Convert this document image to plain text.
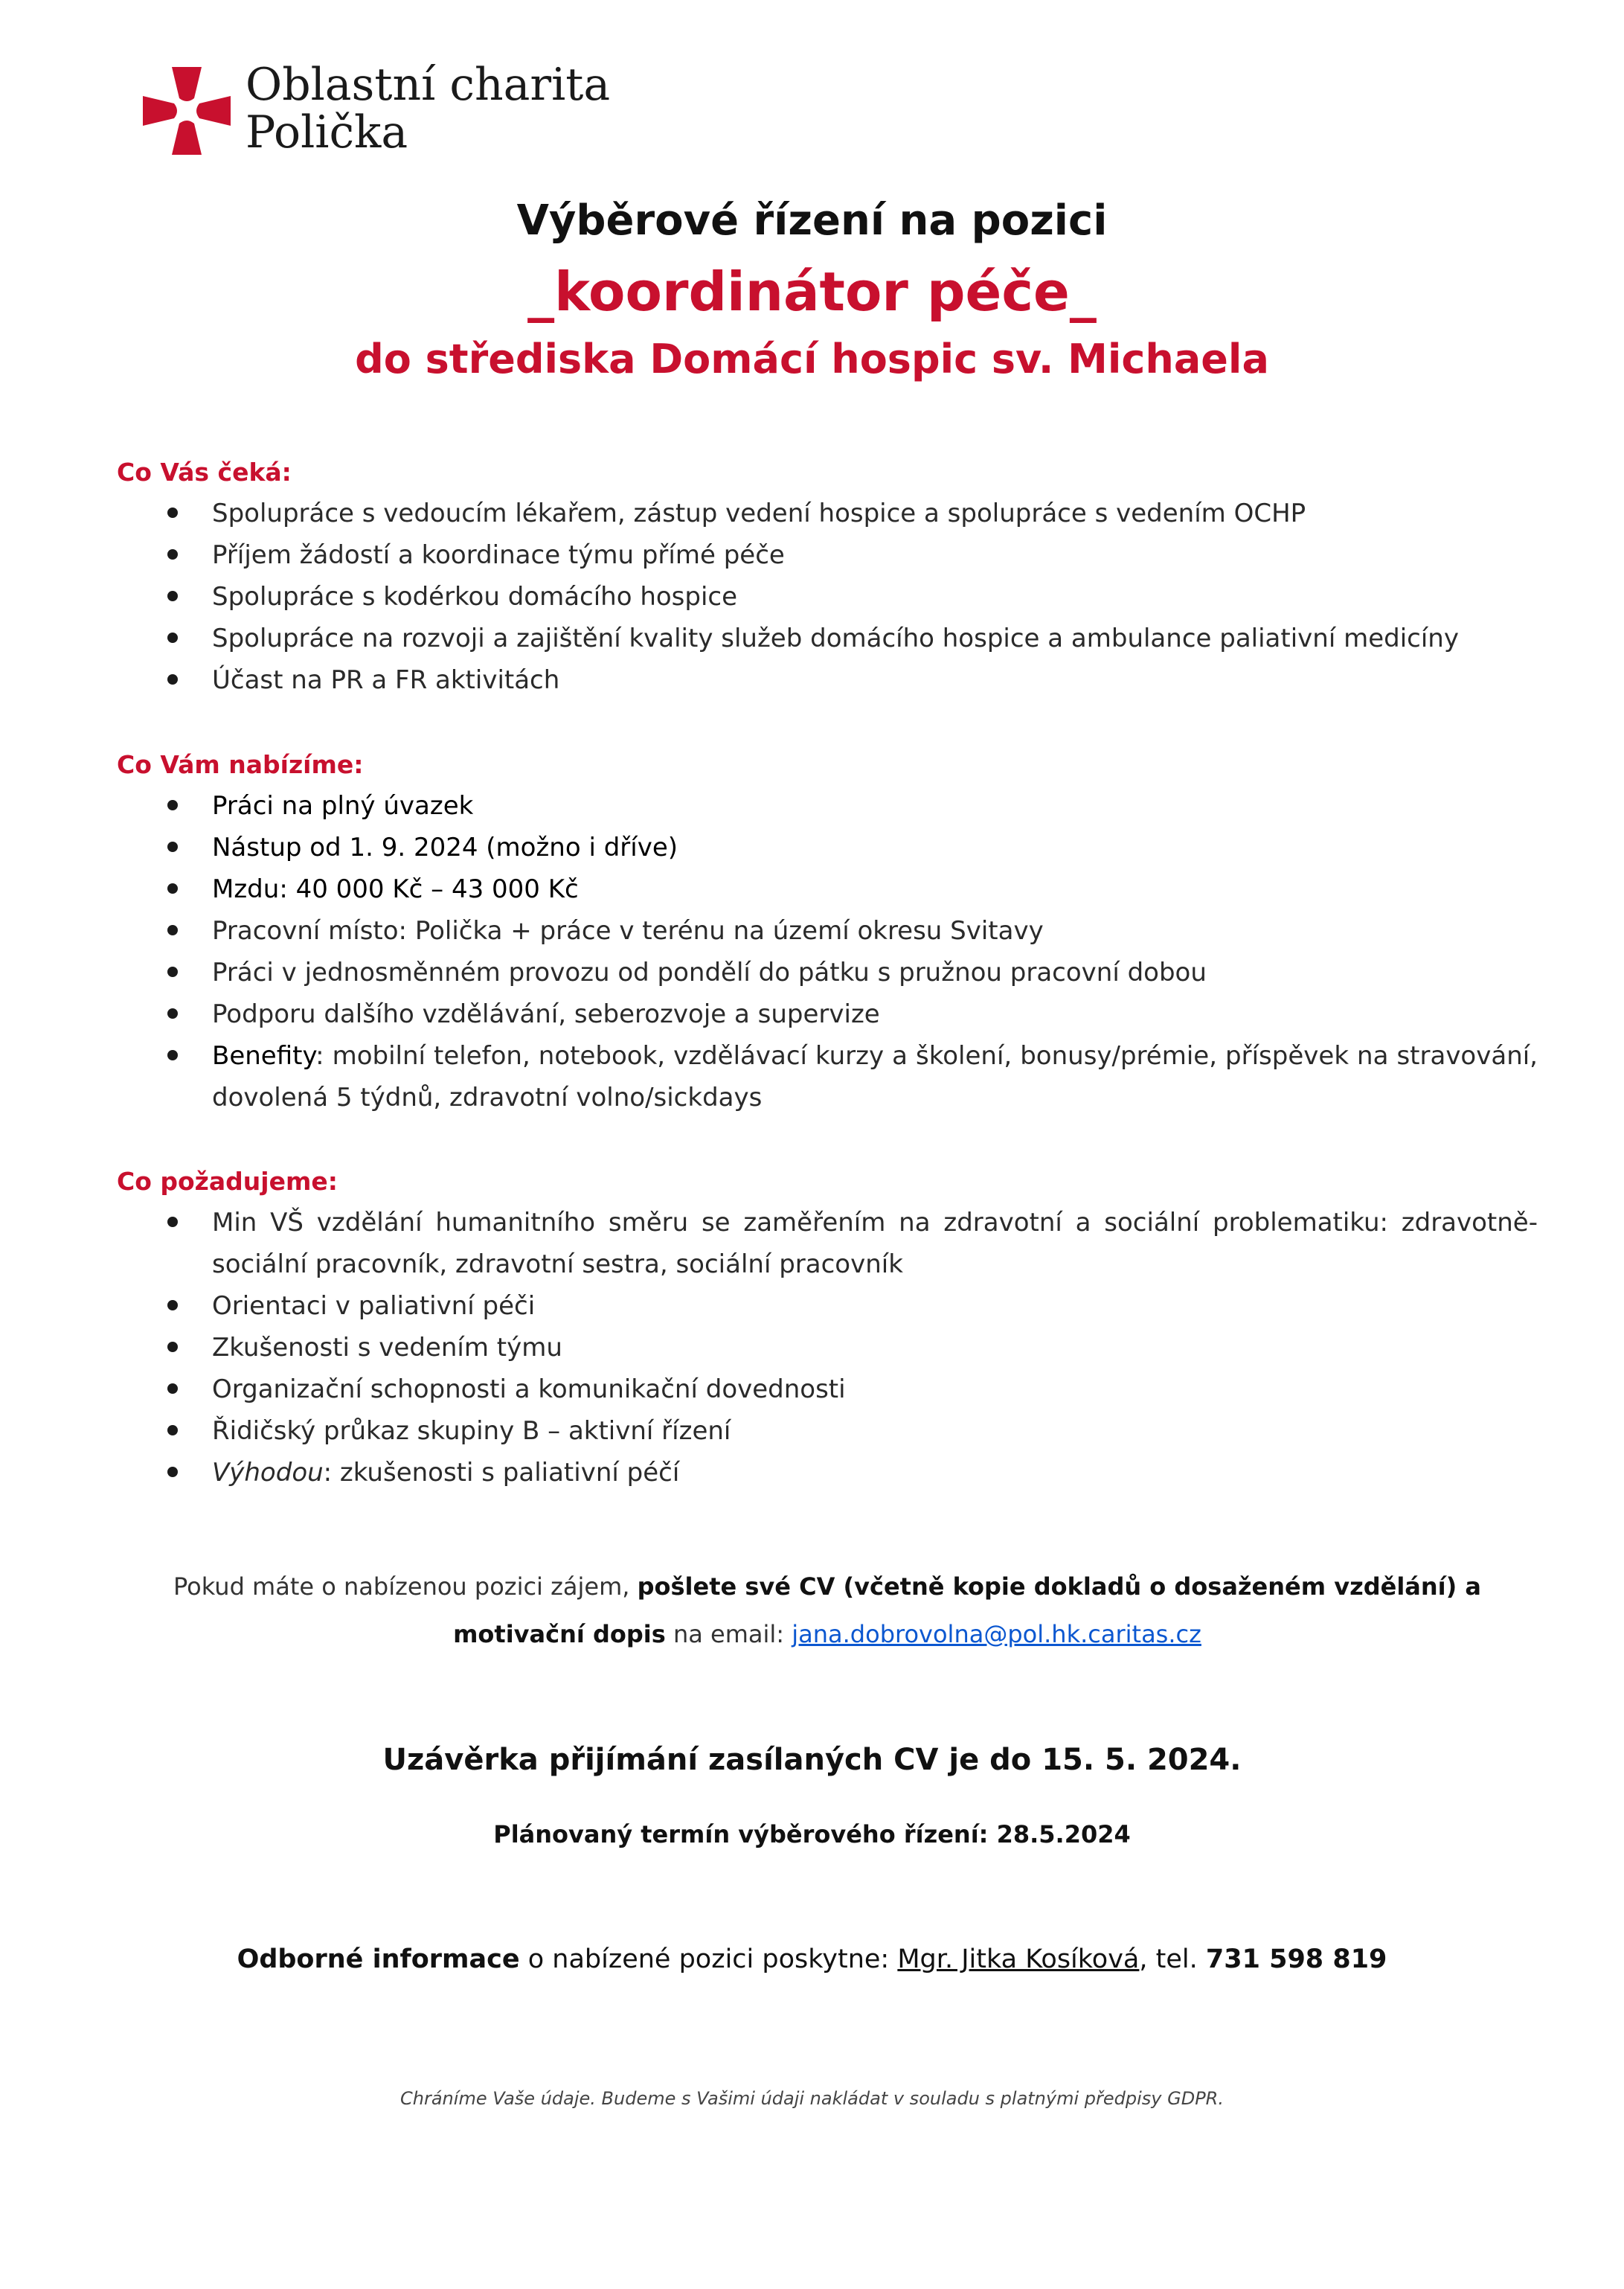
Oblastní charita
Polička
Výběrové řízení na pozici
_koordinátor péče_
do střediska Domácí hospic sv. Michaela
Co Vás čeká:
Spolupráce s vedoucím lékařem, zástup vedení hospice a spolupráce s vedením OCHP
Příjem žádostí a koordinace týmu přímé péče
Spolupráce s kodérkou domácího hospice
Spolupráce na rozvoji a zajištění kvality služeb domácího hospice a ambulance paliativní medicíny
Účast na PR a FR aktivitách
Co Vám nabízíme:
Práci na plný úvazek
Nástup od 1. 9. 2024 (možno i dříve)
Mzdu: 40 000 Kč – 43 000 Kč
Pracovní místo: Polička + práce v terénu na území okresu Svitavy
Práci v jednosměnném provozu od pondělí do pátku s pružnou pracovní dobou
Podporu dalšího vzdělávání, seberozvoje a supervize
Benefity: mobilní telefon, notebook, vzdělávací kurzy a školení, bonusy/prémie, příspěvek na stravování, dovolená 5 týdnů, zdravotní volno/sickdays
Co požadujeme:
Min VŠ vzdělání humanitního směru se zaměřením na zdravotní a sociální problematiku: zdravotně-sociální pracovník, zdravotní sestra, sociální pracovník
Orientaci v paliativní péči
Zkušenosti s vedením týmu
Organizační schopnosti a komunikační dovednosti
Řidičský průkaz skupiny B – aktivní řízení
Výhodou: zkušenosti s paliativní péčí
Pokud máte o nabízenou pozici zájem, pošlete své CV (včetně kopie dokladů o dosaženém vzdělání) a motivační dopis na email: jana.dobrovolna@pol.hk.caritas.cz
Uzávěrka přijímání zasílaných CV je do 15. 5. 2024.
Plánovaný termín výběrového řízení: 28.5.2024
Odborné informace o nabízené pozici poskytne: Mgr. Jitka Kosíková, tel. 731 598 819
Chráníme Vaše údaje. Budeme s Vašimi údaji nakládat v souladu s platnými předpisy GDPR.
